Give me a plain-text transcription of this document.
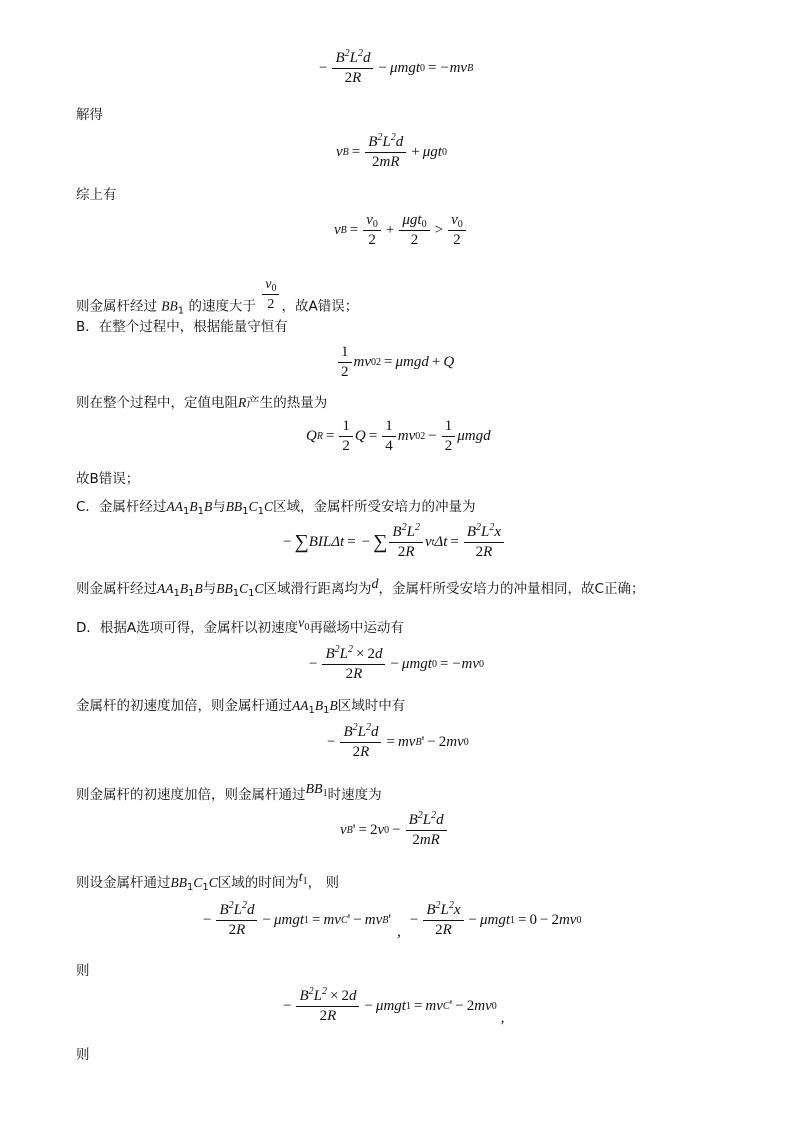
− $\frac{B^2L^2d}{2R} - \mu mgt$ 0 = −mv B
解得
v $B = \frac{B^2L^2d}{2mR} + \mu gt$ 0
综上有
v $B = \frac{v_0}{2} + \frac{\mu gt_0}{2} > \frac{v_0}{2}$
则金属杆经过 $BB_1$ 的速度大于 $\frac{v_0}{2}$ ，故A错误；
B．在整个过程中，根据能量守恒有
$\frac{1}{2}$ mv 0 2 = μmgd + Q
则在整个过程中，定值电阻R产生的热量为
Q $R = \frac{1}{2}$ $Q = \frac{1}{4}$ mv 0 $2 - \frac{1}{2}$ μmgd
故B错误；
C．金属杆经过$AA_1B_1B$与$BB_1C_1C$区域，金属杆所受安培力的冲量为
− ∑ BILΔt = − ∑ $\frac{B^2L^2}{2R}$ v t $\Delta t = \frac{B^2L^2x}{2R}$
则金属杆经过$AA_1B_1B$与$BB_1C_1C$区域滑行距离均为d，金属杆所受安培力的冲量相同，故C正确；
D．根据A选项可得，金属杆以初速度$v_0$再磁场中运动有
− $\frac{B^2L^2 \times 2d}{2R} - \mu mgt$ 0 = −mv 0
金属杆的初速度加倍，则金属杆通过$AA_1B_1B$区域时中有
− $\frac{B^2L^2d}{2R}$ = mv B ' − 2 mv 0
则金属杆的初速度加倍，则金属杆通过$BB_1$时速度为
v B ' = 2 v $0 - \frac{B^2L^2d}{2mR}$
则设金属杆通过$BB_1C_1C$区域的时间为$t_1$， 则
− $\frac{B^2L^2d}{2R} - \mu mgt$ 1 = mv C ' − mv B '
,
− $\frac{B^2L^2x}{2R} - \mu mgt$ 1 = 0 − 2 mv 0
则
− $\frac{B^2L^2 \times 2d}{2R} - \mu mgt$ 1 = mv C ' − 2 mv 0
,
则
